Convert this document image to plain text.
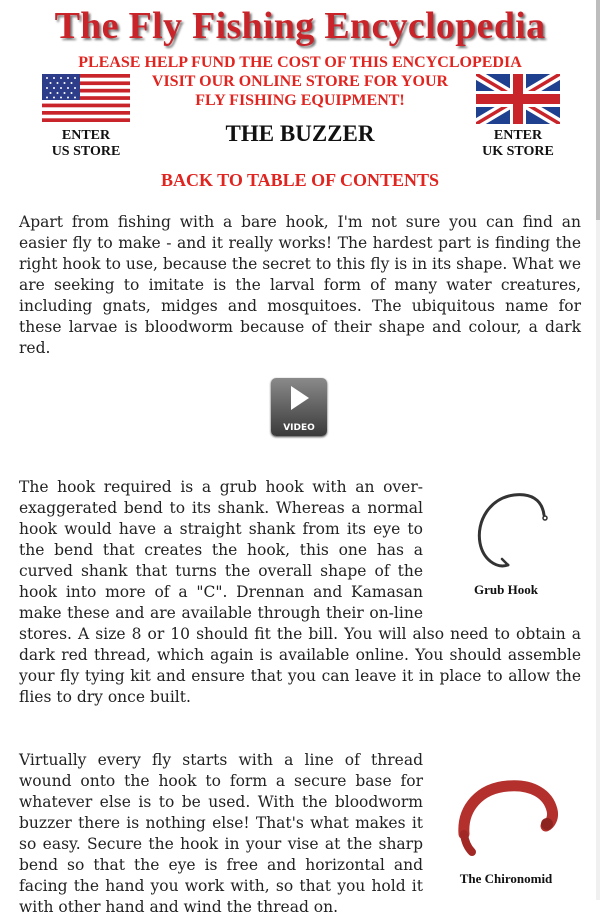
The Fly Fishing Encyclopedia
PLEASE HELP FUND THE COST OF THIS ENCYCLOPEDIA
VISIT OUR ONLINE STORE FOR YOUR
FLY FISHING EQUIPMENT!
ENTER
US STORE
ENTER
UK STORE
THE BUZZER
BACK TO TABLE OF CONTENTS

Apart from fishing with a bare hook, I'm not sure you can find an easier fly to make - and it really works! The hardest part is finding the right hook to use, because the secret to this fly is in its shape. What we are seeking to imitate is the larval form of many water creatures, including gnats, midges and mosquitoes. The ubiquitous name for these larvae is bloodworm because of their shape and colour, a dark red.

VIDEO
Grub Hook
The hook required is a grub hook with an over-exaggerated bend to its shank. Whereas a normal hook would have a straight shank from its eye to the bend that creates the hook, this one has a curved shank that turns the overall shape of the hook into more of a "C". Drennan and Kamasan make these and are available through their on-line stores. A size 8 or 10 should fit the bill. You will also need to obtain a dark red thread, which again is available online. You should assemble your fly tying kit and ensure that you can leave it in place to allow the flies to dry once built.
The Chironomid
Virtually every fly starts with a line of thread wound onto the hook to form a secure base for whatever else is to be used. With the bloodworm buzzer there is nothing else! That's what makes it so easy. Secure the hook in your vise at the sharp bend so that the eye is free and horizontal and facing the hand you work with, so that you hold it with other hand and wind the thread on.
